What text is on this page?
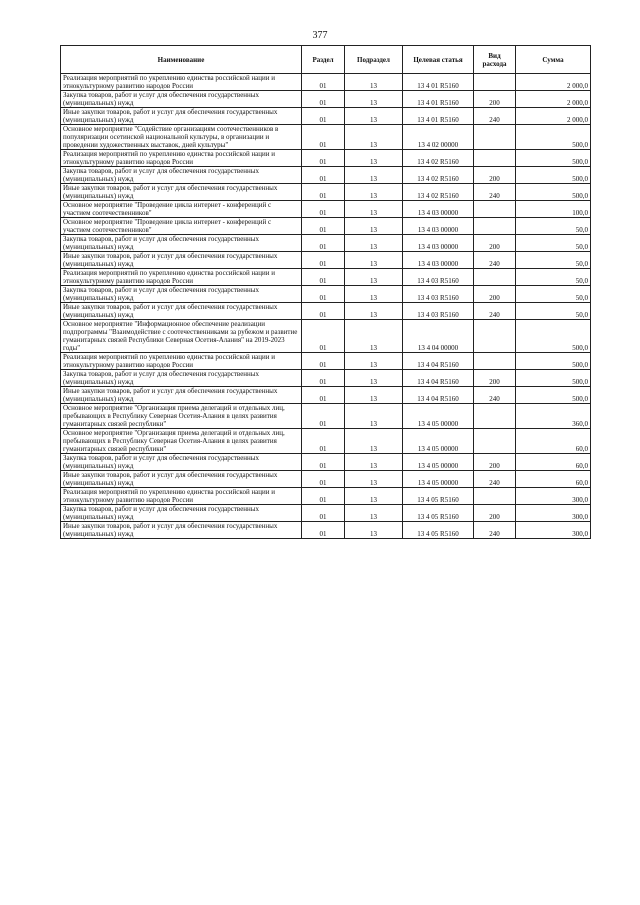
377
Наименование	Раздел	Подраздел	Целевая статья	Вид расхода	Сумма
Реализация мероприятий по укреплению единства российской нации и этнокультурному развитию народов России	01	13	13 4 01 R5160		2 000,0
Закупка товаров, работ и услуг для обеспечения государственных (муниципальных) нужд	01	13	13 4 01 R5160	200	2 000,0
Иные закупки товаров, работ и услуг для обеспечения государственных (муниципальных) нужд	01	13	13 4 01 R5160	240	2 000,0
Основное мероприятие "Содействие организациям соотечественников в популяризации осетинской национальной культуры, в организации и проведении художественных выставок, дней культуры"	01	13	13 4 02 00000		500,0
Реализация мероприятий по укреплению единства российской нации и этнокультурному развитию народов России	01	13	13 4 02 R5160		500,0
Закупка товаров, работ и услуг для обеспечения государственных (муниципальных) нужд	01	13	13 4 02 R5160	200	500,0
Иные закупки товаров, работ и услуг для обеспечения государственных (муниципальных) нужд	01	13	13 4 02 R5160	240	500,0
Основное мероприятие "Проведение цикла интернет - конференций с участием соотечественников"	01	13	13 4 03 00000		100,0
Основное мероприятие "Проведение цикла интернет - конференций с участием соотечественников"	01	13	13 4 03 00000		50,0
Закупка товаров, работ и услуг для обеспечения государственных (муниципальных) нужд	01	13	13 4 03 00000	200	50,0
Иные закупки товаров, работ и услуг для обеспечения государственных (муниципальных) нужд	01	13	13 4 03 00000	240	50,0
Реализация мероприятий по укреплению единства российской нации и этнокультурному развитию народов России	01	13	13 4 03 R5160		50,0
Закупка товаров, работ и услуг для обеспечения государственных (муниципальных) нужд	01	13	13 4 03 R5160	200	50,0
Иные закупки товаров, работ и услуг для обеспечения государственных (муниципальных) нужд	01	13	13 4 03 R5160	240	50,0
Основное мероприятие "Информационное обеспечение реализации подпрограммы "Взаимодействие с соотечественниками за рубежом и развитие гуманитарных связей Республики Северная Осетия-Алания" на 2019-2023 годы"	01	13	13 4 04 00000		500,0
Реализация мероприятий по укреплению единства российской нации и этнокультурному развитию народов России	01	13	13 4 04 R5160		500,0
Закупка товаров, работ и услуг для обеспечения государственных (муниципальных) нужд	01	13	13 4 04 R5160	200	500,0
Иные закупки товаров, работ и услуг для обеспечения государственных (муниципальных) нужд	01	13	13 4 04 R5160	240	500,0
Основное мероприятие "Организация приема делегаций и отдельных лиц, пребывающих в Республику Северная Осетия-Алания в целях развития гуманитарных связей республики"	01	13	13 4 05 00000		360,0
Основное мероприятие "Организация приема делегаций и отдельных лиц, пребывающих в Республику Северная Осетия-Алания в целях развития гуманитарных связей республики"	01	13	13 4 05 00000		60,0
Закупка товаров, работ и услуг для обеспечения государственных (муниципальных) нужд	01	13	13 4 05 00000	200	60,0
Иные закупки товаров, работ и услуг для обеспечения государственных (муниципальных) нужд	01	13	13 4 05 00000	240	60,0
Реализация мероприятий по укреплению единства российской нации и этнокультурному развитию народов России	01	13	13 4 05 R5160		300,0
Закупка товаров, работ и услуг для обеспечения государственных (муниципальных) нужд	01	13	13 4 05 R5160	200	300,0
Иные закупки товаров, работ и услуг для обеспечения государственных (муниципальных) нужд	01	13	13 4 05 R5160	240	300,0
